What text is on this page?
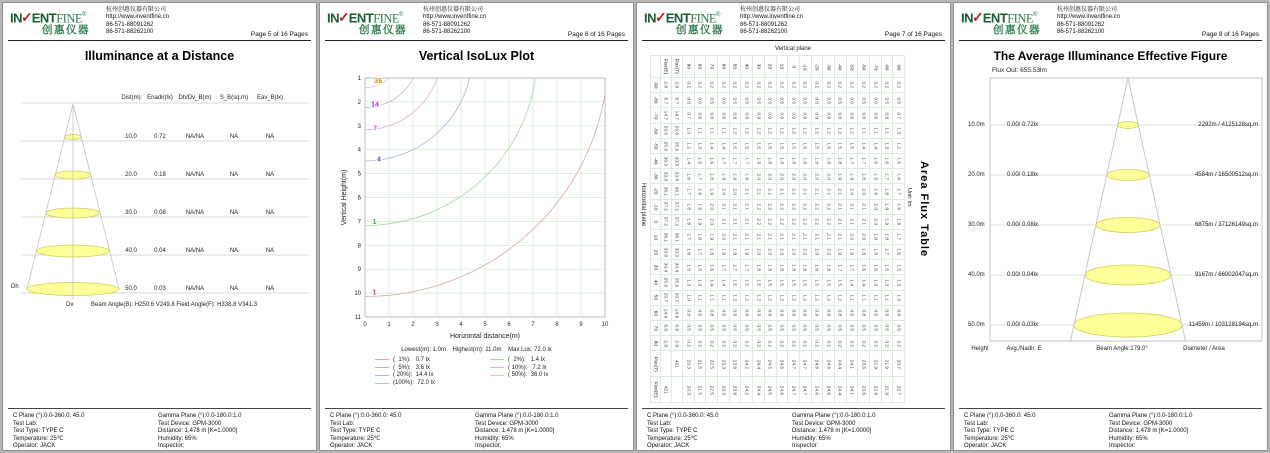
IN✓ENTFINE®
创惠仪器
杭州创惠仪器有限公司
http://www.inventfine.cn
86-571-88091262
86-571-88262100	Page 5 of 16 Pages
Illuminance at a Distance
Dist(m) Enadir(lx) Dh/Dv_B(m) S_B(sq.m) Eav_B(lx)
10.0	0.72	NA/NA	NA	NA
20.0	0.18	NA/NA	NA	NA
30.0	0.08	NA/NA	NA	NA
40.0	0.04	NA/NA	NA	NA
50.0	0.03	NA/NA	NA	NA
Dh
Dv	Beam Angle(B): H250.6 V249.8 Field Angle(F): H338.8 V341.3
C Plane (°):0.0-360.0: 45.0
Test Lab:
Test Type: TYPE C
Temperature: 25℃
Operator: JACK
Gamma Plane (°):0.0-180.0:1.0
Test Device: GPM-3000
Distance: 1.478 m [K=1.0000]
Humidity: 65%
Inspector:
IN✓ENTFINE®
创惠仪器
杭州创惠仪器有限公司
http://www.inventfine.cn
86-571-88091262
86-571-88262100	Page 6 of 16 Pages
Vertical IsoLux Plot
36
14
7
4
1
1
0	1	2	3	4	5	6	7	8	9	10
1
2
3
4
5
6
7
8
9
10
11
Horizontal distance(m)
Vertical Height(m)
Lowest(m): 1.0m    Highest(m): 11.0m    Max Lux: 72.0 lx
(  1%):   0.7 lx
(  5%):   3.6 lx
( 20%):  14.4 lx
(100%):  72.0 lx
(  2%):   1.4 lx
( 10%):   7.2 lx
( 50%):  36.0 lx
C Plane (°):0.0-360.0: 45.0
Test Lab:
Test Type: TYPE C
Temperature: 25℃
Operator: JACK
Gamma Plane (°):0.0-180.0:1.0
Test Device: GPM-3000
Distance: 1.478 m [K=1.0000]
Humidity: 65%
Inspector:
IN✓ENTFINE®
创惠仪器
杭州创惠仪器有限公司
http://www.inventfine.cn
86-571-88091262
86-571-88262100	Page 7 of 16 Pages
Vertical plane
Horizontal plane
Flux(E) Flux(T) 90 80 70 60 50 40 30 20 10 0 -10 -20 -30 -40 -50 -60 -70 -80 -90
-90 2.8 2.8 0.2 0.2 0.2 0.2 0.2 0.2 0.2 0.2 0.2 0.2 0.2 0.2 0.2 0.2 0.2 0.2 0.2 0.2 0.2
-80 8.7 8.7 0.5 0.5 0.5 0.5 0.5 0.5 0.5 0.5 0.5 0.5 0.5 0.5 0.5 0.5 0.5 0.5 0.5 0.5 0.5
-70 14.7 14.7 0.7 0.8 0.8 0.8 0.8 0.8 0.9 0.9 0.9 0.9 0.9 0.9 0.9 0.8 0.8 0.8 0.8 0.8 0.7
-60 20.6 20.6 1.0 1.1 1.1 1.1 1.2 1.2 1.2 1.2 1.2 1.2 1.2 1.2 1.2 1.2 1.2 1.1 1.1 1.1 1.0
-50 25.9 25.9 1.2 1.3 1.4 1.4 1.5 1.5 1.5 1.5 1.5 1.5 1.5 1.5 1.5 1.5 1.5 1.4 1.4 1.3 1.2
-40 30.3 30.3 1.4 1.5 1.6 1.7 1.7 1.7 1.8 1.8 1.8 1.8 1.8 1.8 1.8 1.8 1.7 1.7 1.6 1.6 1.5
-30 33.8 33.8 1.6 1.7 1.8 1.9 1.9 1.9 2.0 2.0 2.0 2.0 2.0 2.0 2.0 1.9 1.9 1.8 1.8 1.7 1.6
-20 36.1 36.1 1.7 1.8 1.9 2.0 2.0 2.1 2.1 2.1 2.1 2.1 2.1 2.1 2.1 2.1 2.0 2.0 1.9 1.8 1.7
-10 37.2 37.2 1.8 1.9 2.0 2.1 2.1 2.1 2.2 2.2 2.2 2.2 2.2 2.2 2.2 2.1 2.1 2.1 2.0 1.9 1.8
0 37.2 37.2 1.8 1.9 2.0 2.1 2.1 2.1 2.2 2.2 2.2 2.2 2.2 2.2 2.2 2.1 2.1 2.1 2.0 1.9 1.8
10 36.1 36.1 1.7 1.8 1.9 2.0 2.1 2.1 2.1 2.1 2.1 2.1 2.1 2.1 2.1 2.1 2.0 2.0 1.9 1.8 1.7
20 33.8 33.8 1.6 1.7 1.8 1.9 1.9 1.9 2.0 2.0 2.0 2.0 2.0 2.0 2.0 1.9 1.9 1.8 1.8 1.7 1.6
30 30.4 30.4 1.5 1.5 1.6 1.7 1.7 1.7 1.8 1.8 1.8 1.8 1.8 1.8 1.8 1.7 1.7 1.6 1.6 1.5 1.5
40 25.9 25.9 1.3 1.3 1.4 1.4 1.5 1.5 1.5 1.5 1.5 1.5 1.5 1.5 1.5 1.5 1.4 1.4 1.3 1.3 1.3
50 20.7 20.7 1.0 1.1 1.1 1.1 1.2 1.2 1.2 1.2 1.2 1.2 1.2 1.2 1.2 1.2 1.1 1.1 1.1 1.1 1.0
60 14.9 14.9 0.8 0.8 0.8 0.8 0.8 0.8 0.9 0.9 0.9 0.9 0.9 0.9 0.9 0.8 0.8 0.8 0.8 0.8 0.8
70 8.8 8.8 0.5 0.5 0.5 0.5 0.5 0.5 0.5 0.5 0.5 0.5 0.5 0.5 0.5 0.5 0.5 0.5 0.5 0.5 0.5
80 2.9 2.9 0.2 0.2 0.2 0.2 0.2 0.2 0.2 0.2 0.2 0.2 0.2 0.2 0.2 0.2 0.2 0.2 0.2 0.2 0.2
Flux(T) 421 20.3 21.5 22.5 23.3 23.8 24.2 24.4 24.5 24.6 24.7 24.7 24.6 24.6 24.4 24.1 23.6 22.9 21.9 20.7
Flux(E) 421 20.3 21.5 22.5 23.3 23.8 24.2 24.4 24.5 24.6 24.7 24.7 24.6 24.6 24.4 24.1 23.6 22.9 21.9 20.7
Unit: lm Area Flux Table
C Plane (°):0.0-360.0: 45.0
Test Lab:
Test Type: TYPE C
Temperature: 25℃
Operator: JACK
Gamma Plane (°):0.0-180.0:1.0
Test Device: GPM-3000
Distance: 1.478 m [K=1.0000]
Humidity: 65%
Inspector:
IN✓ENTFINE®
创惠仪器
杭州创惠仪器有限公司
http://www.inventfine.cn
86-571-88091262
86-571-88262100	Page 8 of 16 Pages
The Average Illuminance Effective Figure
Flux Out: 655.53lm
10.0m	0.00/ 0.72lx	2292m / 4125128sq.m
20.0m	0.00/ 0.18lx	4584m / 16500512sq.m
30.0m	0.00/ 0.08lx	6875m / 37126149sq.m
40.0m	0.00/ 0.04lx	9167m / 66002047sq.m
50.0m	0.00/ 0.03lx	11459m / 103128194sq.m
Height	Avg./Nadir. E	Beam Angle:179.0°	Diameter / Area
C Plane (°):0.0-360.0: 45.0
Test Lab:
Test Type: TYPE C
Temperature: 25℃
Operator: JACK
Gamma Plane (°):0.0-180.0:1.0
Test Device: GPM-3000
Distance: 1.478 m [K=1.0000]
Humidity: 65%
Inspector:
